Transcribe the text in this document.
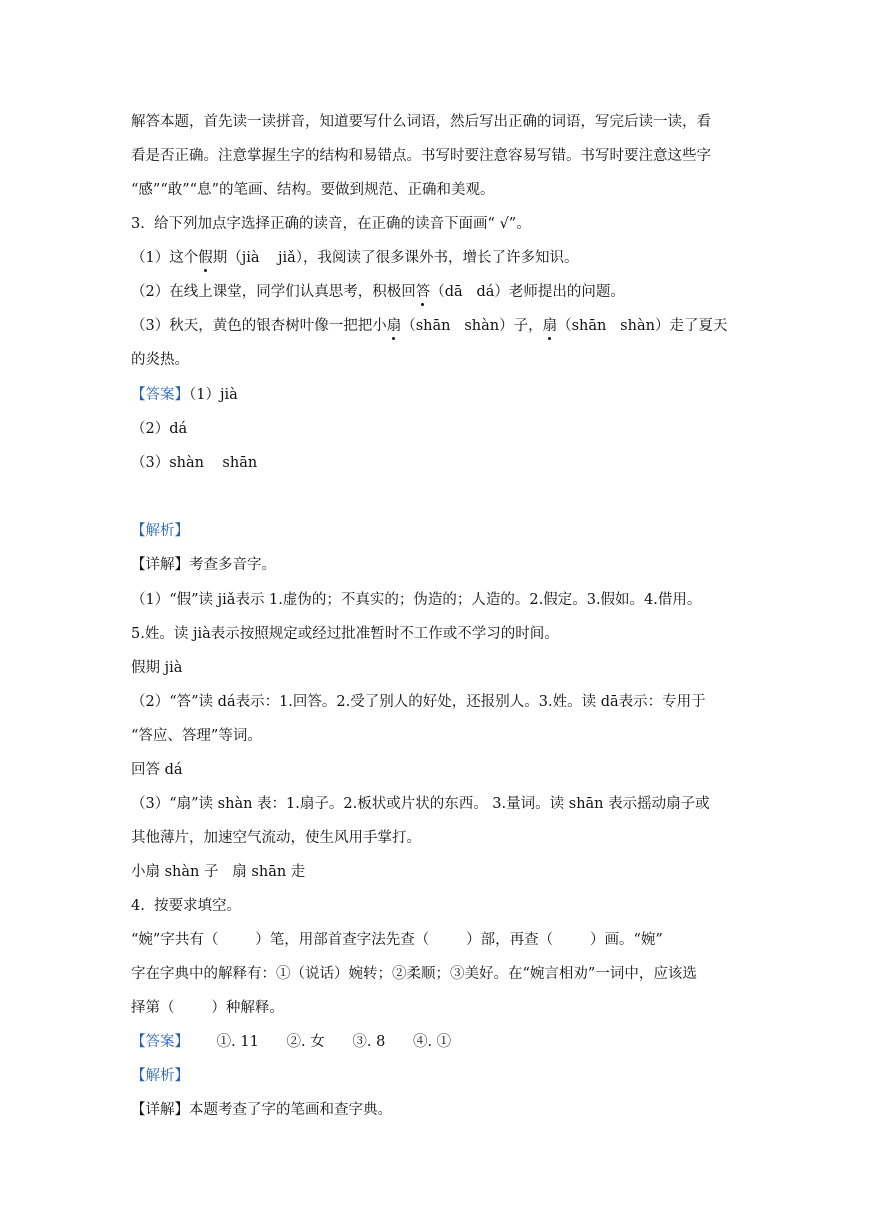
解答本题，首先读一读拼音，知道要写什么词语，然后写出正确的词语，写完后读一读，看
看是否正确。注意掌握生字的结构和易错点。书写时要注意容易写错。书写时要注意这些字
“感”“敢”“息”的笔画、结构。要做到规范、正确和美观。
3.  给下列加点字选择正确的读音，在正确的读音下面画“ √”。
（1）这个假期（jià    jiǎ），我阅读了很多课外书，增长了许多知识。
（2）在线上课堂，同学们认真思考，积极回答（dā   dá）老师提出的问题。
（3）秋天，黄色的银杏树叶像一把把小扇（shān   shàn）子，扇（shān   shàn）走了夏天
的炎热。
【答案】（1）jià
（2）dá
（3）shàn    shān
【解析】
【详解】考查多音字。
（1）“假”读 jiǎ表示 1.虚伪的；不真实的；伪造的；人造的。2.假定。3.假如。4.借用。
5.姓。读 jià表示按照规定或经过批准暂时不工作或不学习的时间。
假期 jià
（2）“答”读 dá表示：1.回答。2.受了别人的好处，还报别人。3.姓。读 dā表示：专用于
“答应、答理”等词。
回答 dá
（3）“扇”读 shàn 表：1.扇子。2.板状或片状的东西。 3.量词。读 shān 表示摇动扇子或
其他薄片，加速空气流动，使生风用手掌打。
小扇 shàn 子   扇 shān 走
4.  按要求填空。
“婉”字共有（        ）笔，用部首查字法先查（        ）部，再查（        ）画。“婉”
字在字典中的解释有：①（说话）婉转；②柔顺；③美好。在“婉言相劝”一词中，应该选
择第（        ）种解释。
【答案】      ①. 11      ②. 女      ③. 8      ④. ①
【解析】
【详解】本题考查了字的笔画和查字典。
